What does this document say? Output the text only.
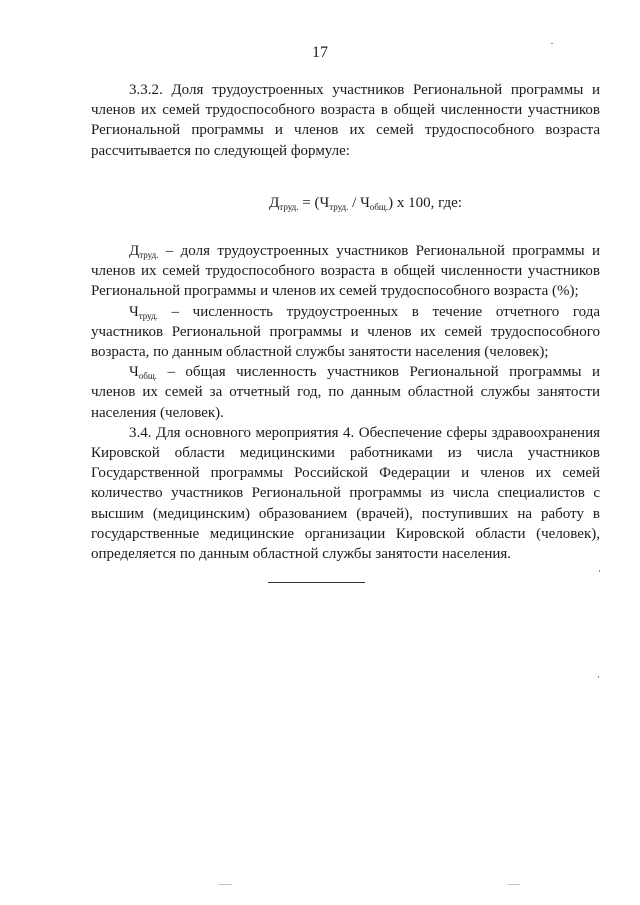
17

3.3.2. Доля трудоустроенных участников Региональной программы и членов их семей трудоспособного возраста в общей численности участников Региональной программы и членов их семей трудоспособного возраста рассчитывается по следующей формуле:

$Д_{труд.} = (Ч_{труд.} / Ч_{общ.})$ x 100, где:

$Д_{труд.}$ – доля трудоустроенных участников Региональной программы и членов их семей трудоспособного возраста в общей численности участников Региональной программы и членов их семей трудоспособного возраста (%);

$Ч_{труд.}$ – численность трудоустроенных в течение отчетного года участников Региональной программы и членов их семей трудоспособного возраста, по данным областной службы занятости населения (человек);

$Ч_{общ.}$ – общая численность участников Региональной программы и членов их семей за отчетный год, по данным областной службы занятости населения (человек).

3.4. Для основного мероприятия 4. Обеспечение сферы здравоохранения Кировской области медицинскими работниками из числа участников Государственной программы Российской Федерации и членов их семей количество участников Региональной программы из числа специалистов с высшим (медицинским) образованием (врачей), поступивших на работу в государственные медицинские организации Кировской области (человек), определяется по данным областной службы занятости населения.
